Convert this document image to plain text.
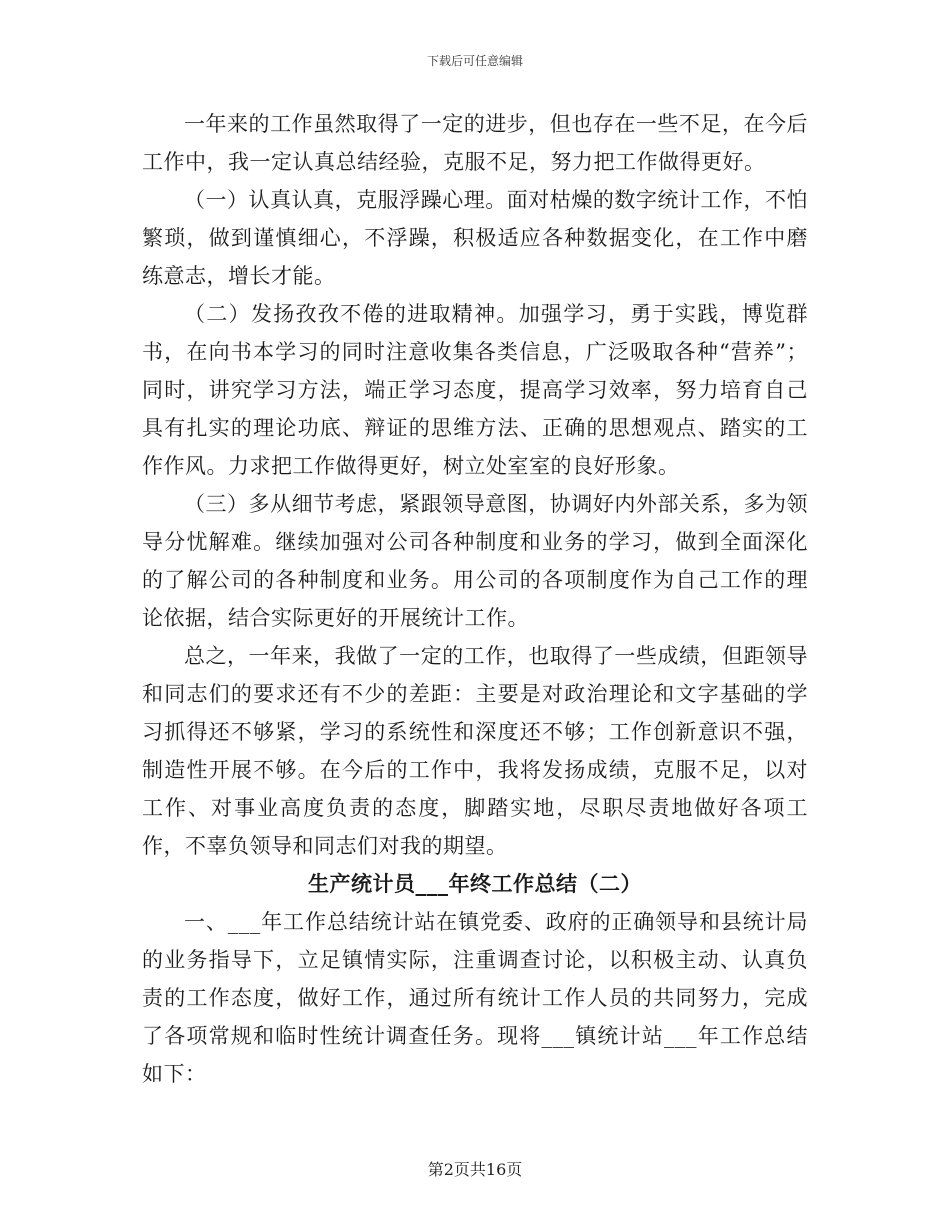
下载后可任意编辑

一年来的工作虽然取得了一定的进步，但也存在一些不足，在今后工作中，我一定认真总结经验，克服不足，努力把工作做得更好。

（一）认真认真，克服浮躁心理。面对枯燥的数字统计工作，不怕繁琐，做到谨慎细心，不浮躁，积极适应各种数据变化，在工作中磨练意志，增长才能。

（二）发扬孜孜不倦的进取精神。加强学习，勇于实践，博览群书，在向书本学习的同时注意收集各类信息，广泛吸取各种“营养”；同时，讲究学习方法，端正学习态度，提高学习效率，努力培育自己具有扎实的理论功底、辩证的思维方法、正确的思想观点、踏实的工作作风。力求把工作做得更好，树立处室室的良好形象。

（三）多从细节考虑，紧跟领导意图，协调好内外部关系，多为领导分忧解难。继续加强对公司各种制度和业务的学习，做到全面深化的了解公司的各种制度和业务。用公司的各项制度作为自己工作的理论依据，结合实际更好的开展统计工作。

总之，一年来，我做了一定的工作，也取得了一些成绩，但距领导和同志们的要求还有不少的差距：主要是对政治理论和文字基础的学习抓得还不够紧，学习的系统性和深度还不够；工作创新意识不强，制造性开展不够。在今后的工作中，我将发扬成绩，克服不足，以对工作、对事业高度负责的态度，脚踏实地，尽职尽责地做好各项工作，不辜负领导和同志们对我的期望。

生产统计员___年终工作总结（二）

一、___年工作总结统计站在镇党委、政府的正确领导和县统计局的业务指导下，立足镇情实际，注重调查讨论，以积极主动、认真负责的工作态度，做好工作，通过所有统计工作人员的共同努力，完成了各项常规和临时性统计调查任务。现将___镇统计站___年工作总结如下：

第2页共16页
